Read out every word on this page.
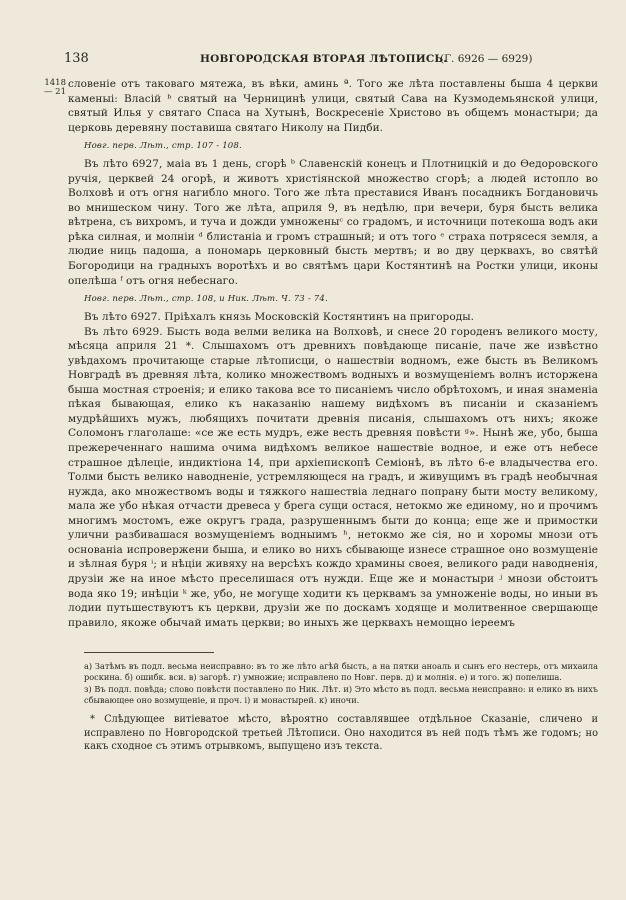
138	НОВГОРОДСКАЯ ВТОРАЯ ЛѢТОПИСЬ.
(Г. 6926 — 6929)
1418 — 21

словеніе отъ таковаго мятежа, въ вѣки, аминь ª. Того же лѣта поставлены быша 4 церкви каменыі: Власій ᵇ святый на Черницинѣ улици, святый Сава на Кузмодемьянской улици, святый Илья у святаго Спаса на Хутынѣ, Воскресеніе Христово въ общемъ монастыри; да церковь деревяну поставиша святаго Николу на Пидби.

Новг. перв. Лѣт., стр. 107 - 108.

Въ лѣто 6927, маіа въ 1 день, сгорѣ ᵇ Славенскій конецъ и Плотницкій и до Ѳедоровского ручія, церквей 24 огорѣ, и животъ христіянской множество сгорѣ; а людей истопло во Волховѣ и отъ огня нагибло много. Того же лѣта преставися Иванъ посадникъ Богдановичь во мнишеском чину. Того же лѣта, априля 9, въ недѣлю, при вечери, буря бысть велика вѣтрена, съ вихромъ, и туча и дожди умноженыᶜ со градомъ, и источници потекоша водъ аки рѣка силная, и молніи ᵈ блистаніа и громъ страшный; и отъ того ᵉ страха потрясеся земля, а людие ниць падоша, а пономарь церковный бысть мертвъ; и во дву церквахъ, во святѣй Богородици на градныхъ воротѣхъ и во святѣмъ цари Костянтинѣ на Ростки улици, иконы опелѣша ᶠ отъ огня небеснаго.

Новг. перв. Лѣт., стр. 108, и Ник. Лѣт. Ч. 73 - 74.

Въ лѣто 6927. Пріѣхалъ князь Московскій Костянтинъ на пригороды.

Въ лѣто 6929. Бысть вода велми велика на Волховѣ, и снесе 20 городенъ великого мосту, мѣсяца априля 21 *. Слышахомъ отъ древнихъ повѣдающе писаніе, паче же извѣстно увѣдахомъ прочитающе старые лѣтописци, о нашествіи водномъ, еже бысть въ Великомъ Новградѣ въ древняя лѣта, колико множествомъ водныхъ и возмущеніемъ волнъ исторжена быша мостная строенія; и елико такова все то писаніемъ число обрѣтохомъ, и иная знаменіа пѣкая бывающая, елико къ наказанію нашему видѣхомъ въ писаніи и сказаніемъ мудрѣйшихъ мужъ, любящихъ почитати древнія писанія, слышахомъ отъ нихъ; якоже Соломонъ глаголаше: «се же есть мудръ, еже весть древняя повѣсти ᵍ». Нынѣ же, убо, быша прежереченнаго нашима очима видѣхомъ великое нашествіе водное, и еже отъ небесе страшное дѣлеціе, индиктіона 14, при архіепископѣ Семіонѣ, въ лѣто 6-е владычества его. Толми бысть велико наводненіе, устремляющеся на градъ, и живущимъ въ градѣ необычная нужда, ако множествомъ воды и тяжкого нашествіа леднаго попрану быти мосту великому, мала же убо нѣкая отчасти древеса у брега сущи остася, нетокмо же единому, но и прочимъ многимъ мостомъ, еже округъ града, разрушеннымъ быти до конца; еще же и примостки улични разбивашася возмущеніемъ водныимъ ʰ, нетокмо же сія, но и хоромы мнози отъ основаніа испровержени быша, и елико во нихъ сбывающе изнесе страшное оно возмущеніе и зѣлная буря ⁱ; и нѣціи живяху на версѣхъ кождо храмины своея, великого ради наводненія, друзіи же на иное мѣсто преселишася отъ нужди. Еще же и монастыри ʲ мнози обстоитъ вода яко 19; инѣціи ᵏ же, убо, не могуще ходити къ церквамъ за умноженіе воды, но иныи въ лодии путьшествуютъ къ церкви, друзіи же по доскамъ ходяще и молитвенное свершающе правило, якоже обычай имать церкви; во иныхъ же церквахъ немощно іереемъ

а) Затѣмъ въ подл. весьма неисправно: въ то же лѣто агѣй бысть, а на пятки аноаль и сынъ его нестерь, отъ михаила роскина. б) ошибк. вси. в) загорѣ. г) умножиe; исправлено по Новг. перв. д) и молнія. е) и того. ж) попелиша.

з) Въ подл. повѣда; слово повѣсти поставлено по Ник. Лѣт. и) Это мѣсто въ подл. весьма неисправно: и елико въ нихъ сбывающее оно возмущеніе, и проч. і) и монастырей. к) иночи.

* Слѣдующее витіеватое мѣсто, вѣроятно составлявшее отдѣльное Сказаніе, сличено и исправлено по Новгородской третьей Лѣтописи. Оно находится въ ней подъ тѣмъ же годомъ; но какъ сходное съ этимъ отрывкомъ, выпущено изъ текста.
